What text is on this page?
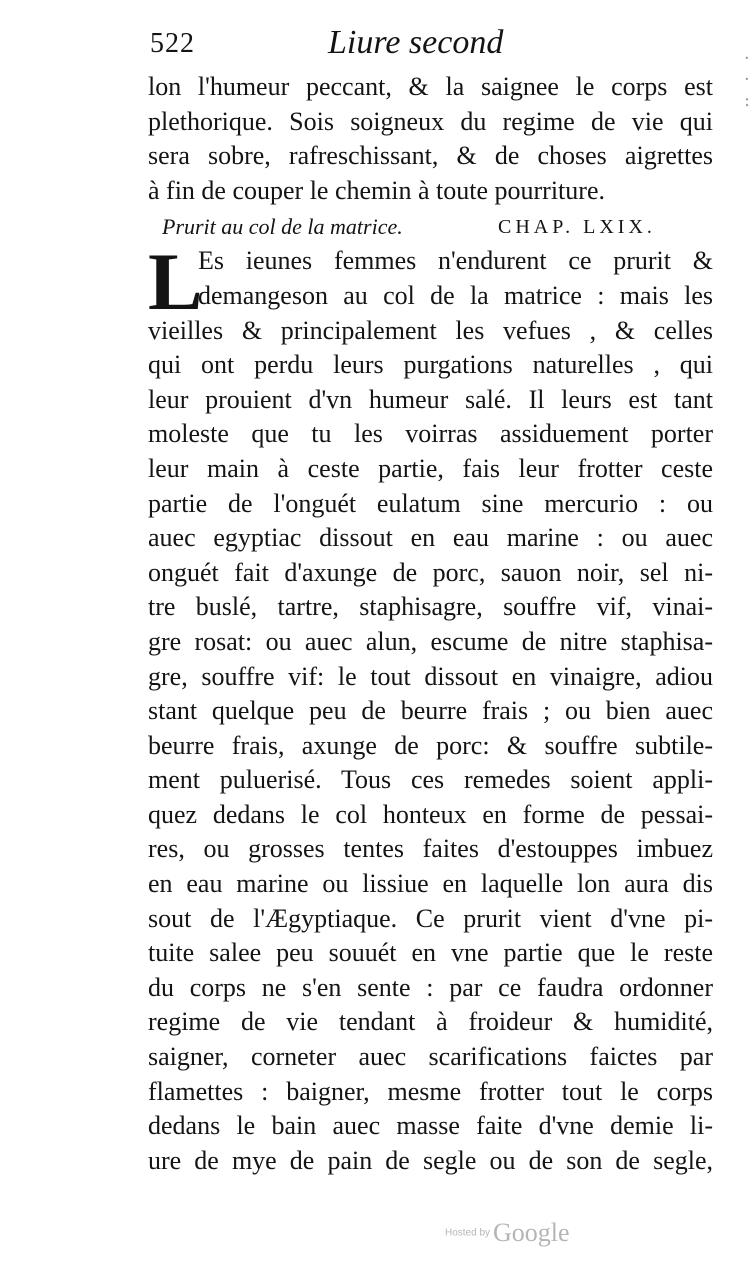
522	Liure second	· · :
lon l'humeur peccant, & la saignee le corps est
plethorique. Sois soigneux du regime de vie qui
sera sobre, rafreschissant, & de choses aigrettes
à fin de couper le chemin à toute pourriture.
Prurit au col de la matrice.	CHAP. LXIX.
Es ieunes femmes n'endurent ce prurit &
demangeson au col de la matrice : mais les
vieilles & principalement les vefues , & celles
qui ont perdu leurs purgations naturelles , qui
leur prouient d'vn humeur salé. Il leurs est tant
moleste que tu les voirras assiduement porter
leur main à ceste partie, fais leur frotter ceste
partie de l'onguét eulatum sine mercurio : ou
auec egyptiac dissout en eau marine : ou auec
onguét fait d'axunge de porc, sauon noir, sel ni-
tre buslé, tartre, staphisagre, souffre vif, vinai-
gre rosat: ou auec alun, escume de nitre staphisa-
gre, souffre vif: le tout dissout en vinaigre, adiou
stant quelque peu de beurre frais ; ou bien auec
beurre frais, axunge de porc: & souffre subtile-
ment puluerisé. Tous ces remedes soient appli-
quez dedans le col honteux en forme de pessai-
res, ou grosses tentes faites d'estouppes imbuez
en eau marine ou lissiue en laquelle lon aura dis
sout de l'Ægyptiaque. Ce prurit vient d'vne pi-
tuite salee peu souuét en vne partie que le reste
du corps ne s'en sente : par ce faudra ordonner
regime de vie tendant à froideur & humidité,
saigner, corneter auec scarifications faictes par
flamettes : baigner, mesme frotter tout le corps
dedans le bain auec masse faite d'vne demie li-
ure de mye de pain de segle ou de son de segle,
L
Hosted by Google
